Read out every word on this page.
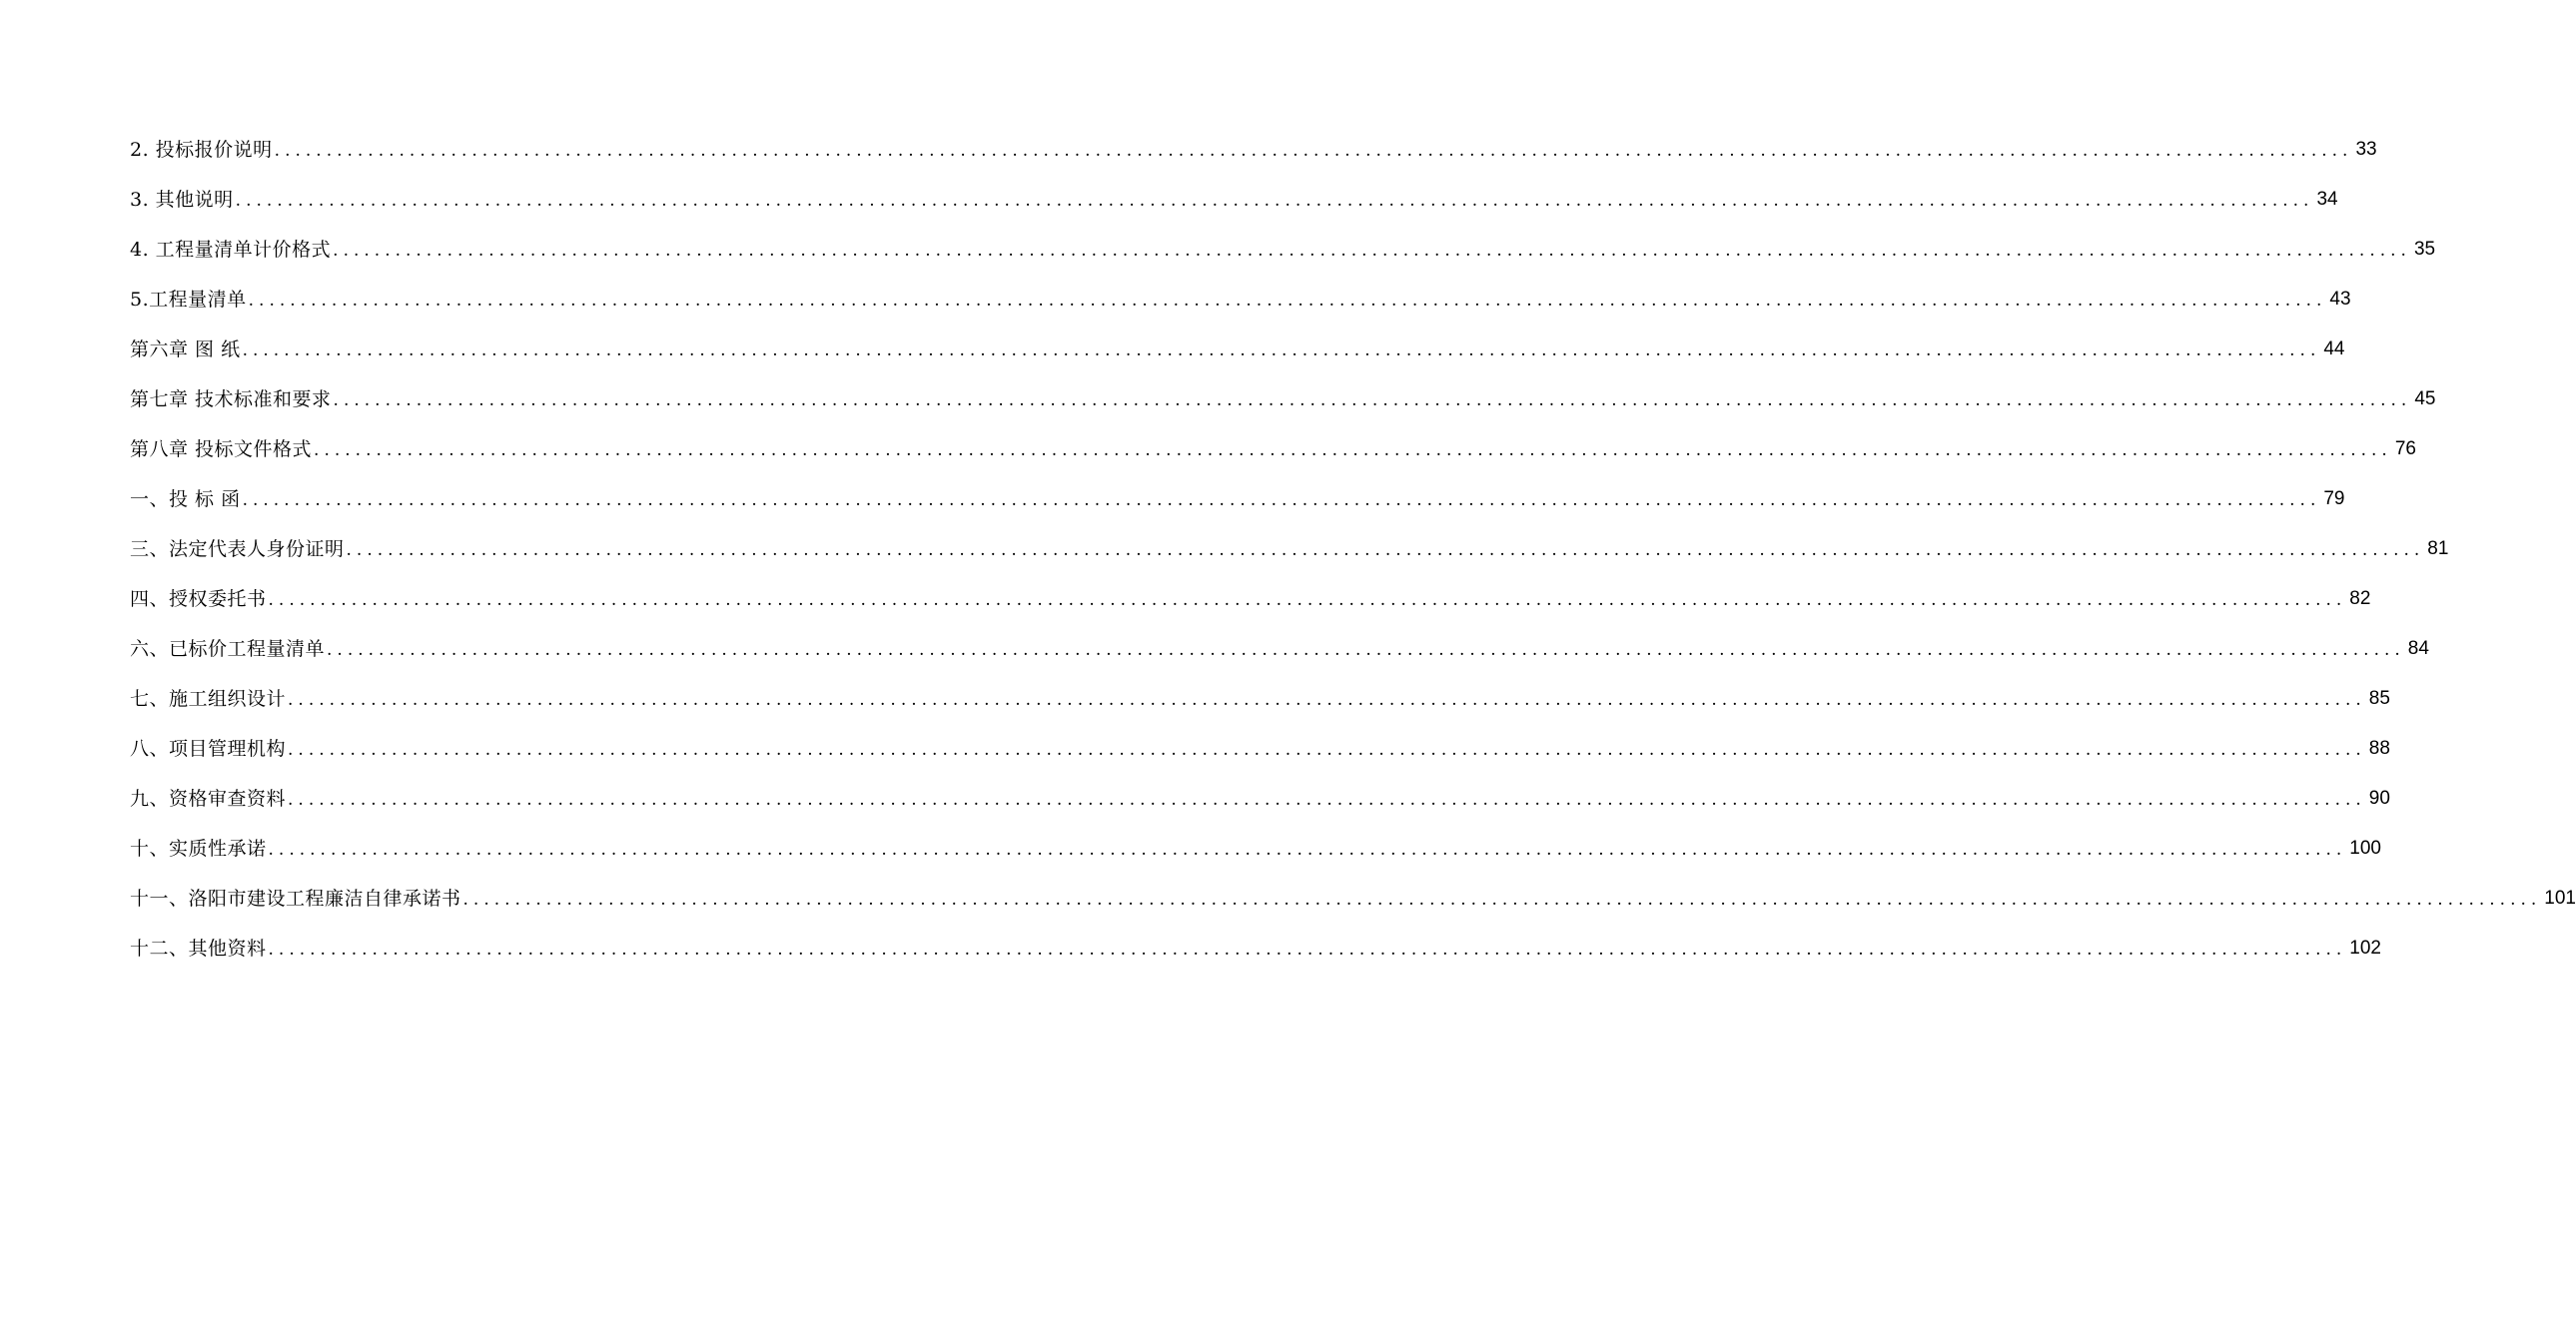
2. 投标报价说明 ........................................................................................................................................................................................................ 33
3. 其他说明 ........................................................................................................................................................................................................ 34
4. 工程量清单计价格式 ........................................................................................................................................................................................................ 35
5.工程量清单 ........................................................................................................................................................................................................ 43
第六章 图 纸 ........................................................................................................................................................................................................ 44
第七章 技术标准和要求 ........................................................................................................................................................................................................ 45
第八章 投标文件格式 ........................................................................................................................................................................................................ 76
一、投 标 函 ........................................................................................................................................................................................................ 79
三、法定代表人身份证明 ........................................................................................................................................................................................................ 81
四、授权委托书 ........................................................................................................................................................................................................ 82
六、已标价工程量清单 ........................................................................................................................................................................................................ 84
七、施工组织设计 ........................................................................................................................................................................................................ 85
八、项目管理机构 ........................................................................................................................................................................................................ 88
九、资格审查资料 ........................................................................................................................................................................................................ 90
十、实质性承诺 ........................................................................................................................................................................................................ 100
十一、洛阳市建设工程廉洁自律承诺书 ........................................................................................................................................................................................................ 101
十二、其他资料 ........................................................................................................................................................................................................ 102
